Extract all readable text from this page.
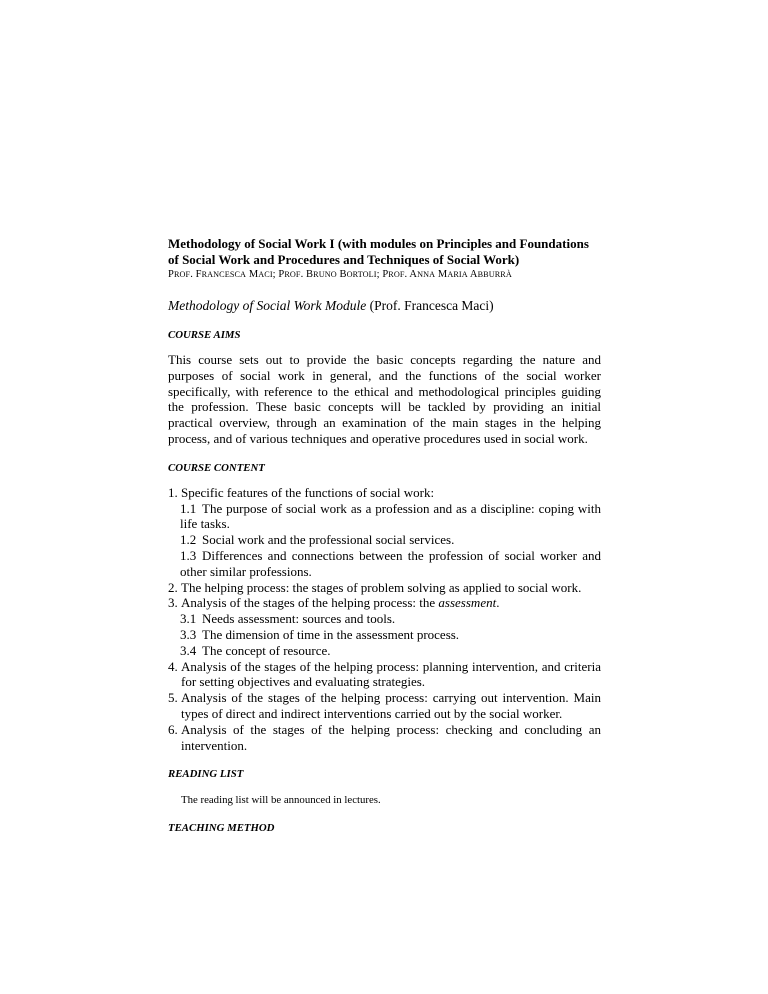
Methodology of Social Work I (with modules on Principles and Foundations of Social Work and Procedures and Techniques of Social Work)

PROF. FRANCESCA MACI; PROF. BRUNO BORTOLI; PROF. ANNA MARIA ABBURRÀ

Methodology of Social Work Module (Prof. Francesca Maci)

COURSE AIMS

This course sets out to provide the basic concepts regarding the nature and purposes of social work in general, and the functions of the social worker specifically, with reference to the ethical and methodological principles guiding the profession. These basic concepts will be tackled by providing an initial practical overview, through an examination of the main stages in the helping process, and of various techniques and operative procedures used in social work.

COURSE CONTENT

1. Specific features of the functions of social work:
1.1 The purpose of social work as a profession and as a discipline: coping with life tasks.
1.2 Social work and the professional social services.
1.3 Differences and connections between the profession of social worker and other similar professions.
2. The helping process: the stages of problem solving as applied to social work.
3. Analysis of the stages of the helping process: the assessment.
3.1 Needs assessment: sources and tools.
3.3 The dimension of time in the assessment process.
3.4 The concept of resource.
4. Analysis of the stages of the helping process: planning intervention, and criteria for setting objectives and evaluating strategies.
5. Analysis of the stages of the helping process: carrying out intervention. Main types of direct and indirect interventions carried out by the social worker.
6. Analysis of the stages of the helping process: checking and concluding an intervention.

READING LIST

The reading list will be announced in lectures.

TEACHING METHOD
